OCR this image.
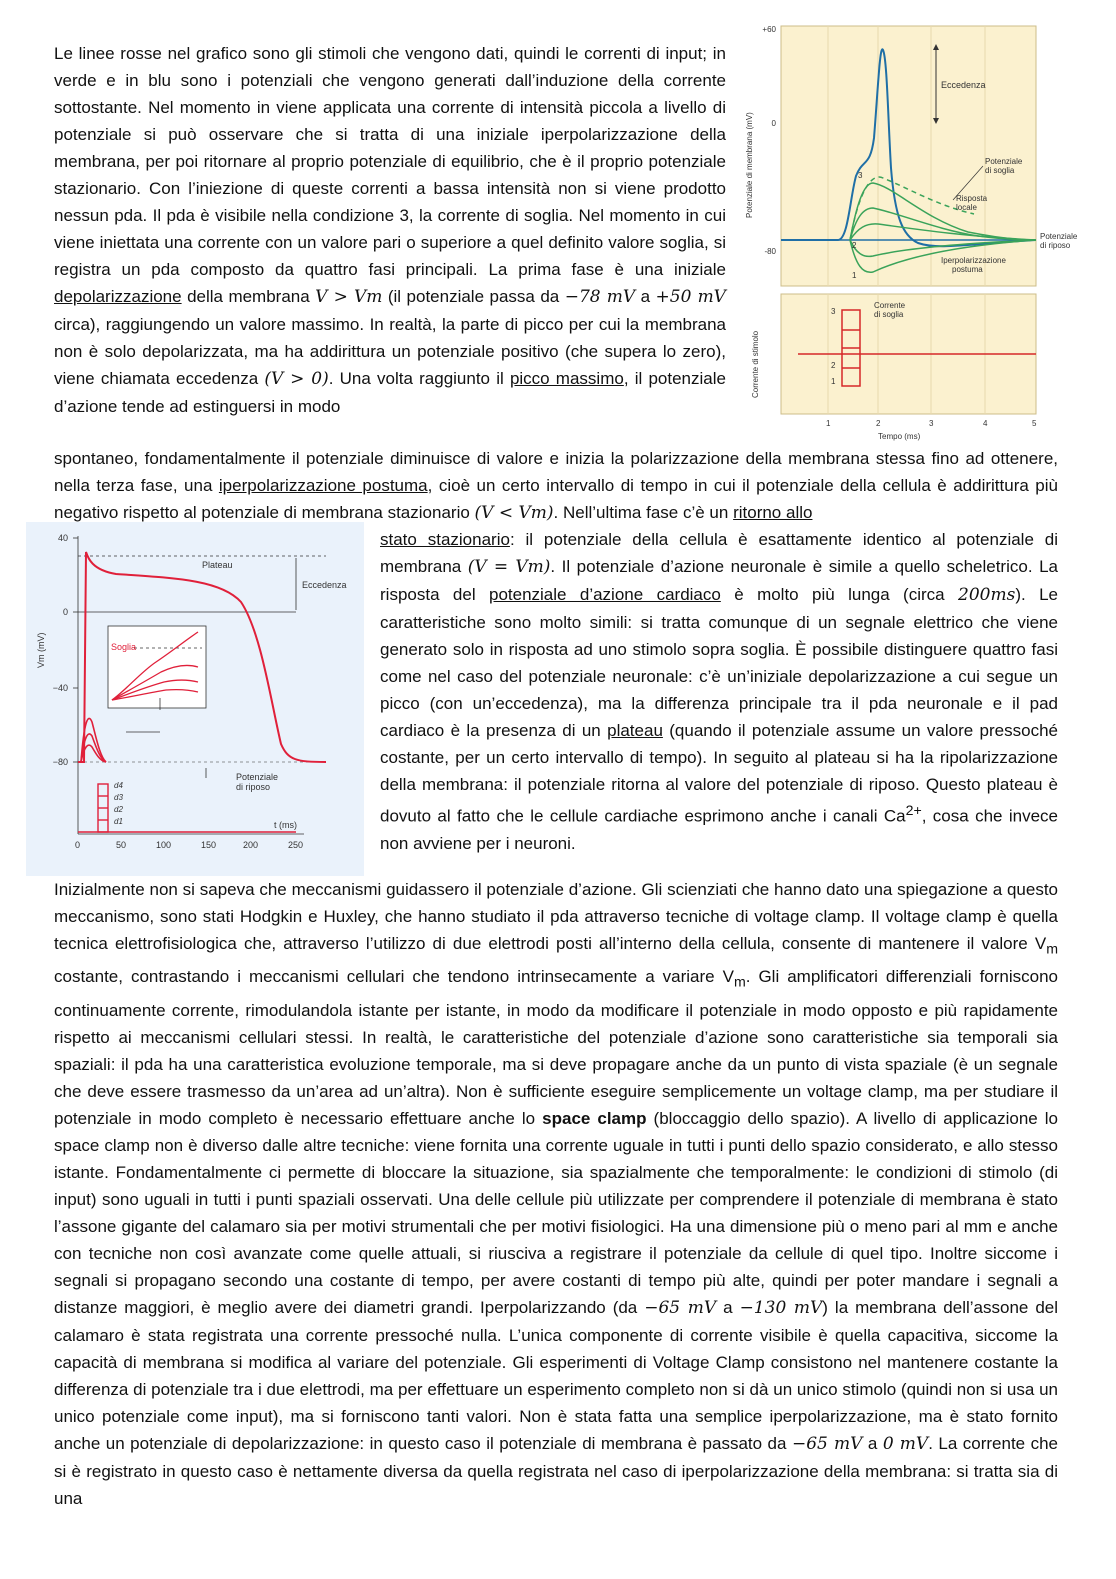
Le linee rosse nel grafico sono gli stimoli che vengono dati, quindi le correnti di input; in verde e in blu sono i potenziali che vengono generati dall’induzione della corrente sottostante. Nel momento in viene applicata una corrente di intensità piccola a livello di potenziale si può osservare che si tratta di una iniziale iperpolarizzazione della membrana, per poi ritornare al proprio potenziale di equilibrio, che è il proprio potenziale stazionario. Con l’iniezione di queste correnti a bassa intensità non si viene prodotto nessun pda. Il pda è visibile nella condizione 3, la corrente di soglia. Nel momento in cui viene iniettata una corrente con un valore pari o superiore a quel definito valore soglia, si registra un pda composto da quattro fasi principali. La prima fase è una iniziale depolarizzazione della membrana V > Vm (il potenziale passa da −78 mV a +50 mV circa), raggiungendo un valore massimo. In realtà, la parte di picco per cui la membrana non è solo depolarizzata, ma ha addirittura un potenziale positivo (che supera lo zero), viene chiamata eccedenza (V > 0). Una volta raggiunto il picco massimo, il potenziale d’azione tende ad estinguersi in modo

spontaneo, fondamentalmente il potenziale diminuisce di valore e inizia la polarizzazione della membrana stessa fino ad ottenere, nella terza fase, una iperpolarizzazione postuma, cioè un certo intervallo di tempo in cui il potenziale della cellula è addirittura più negativo rispetto al potenziale di membrana stazionario (V < Vm). Nell’ultima fase c’è un ritorno allo

stato stazionario: il potenziale della cellula è esattamente identico al potenziale di membrana (V = Vm). Il potenziale d’azione neuronale è simile a quello scheletrico. La risposta del potenziale d’azione cardiaco è molto più lunga (circa 200ms). Le caratteristiche sono molto simili: si tratta comunque di un segnale elettrico che viene generato solo in risposta ad uno stimolo sopra soglia. È possibile distinguere quattro fasi come nel caso del potenziale neuronale: c’è un’iniziale depolarizzazione a cui segue un picco (con un’eccedenza), ma la differenza principale tra il pda neuronale e il pad cardiaco è la presenza di un plateau (quando il potenziale assume un valore pressoché costante, per un certo intervallo di tempo). In seguito al plateau si ha la ripolarizzazione della membrana: il potenziale ritorna al valore del potenziale di riposo. Questo plateau è dovuto al fatto che le cellule cardiache esprimono anche i canali $Ca^{2+}$, cosa che invece non avviene per i neuroni.

Inizialmente non si sapeva che meccanismi guidassero il potenziale d’azione. Gli scienziati che hanno dato una spiegazione a questo meccanismo, sono stati Hodgkin e Huxley, che hanno studiato il pda attraverso tecniche di voltage clamp. Il voltage clamp è quella tecnica elettrofisiologica che, attraverso l’utilizzo di due elettrodi posti all’interno della cellula, consente di mantenere il valore $V_m$ costante, contrastando i meccanismi cellulari che tendono intrinsecamente a variare $V_m$. Gli amplificatori differenziali forniscono continuamente corrente, rimodulandola istante per istante, in modo da modificare il potenziale in modo opposto e più rapidamente rispetto ai meccanismi cellulari stessi. In realtà, le caratteristiche del potenziale d’azione sono caratteristiche sia temporali sia spaziali: il pda ha una caratteristica evoluzione temporale, ma si deve propagare anche da un punto di vista spaziale (è un segnale che deve essere trasmesso da un’area ad un’altra). Non è sufficiente eseguire semplicemente un voltage clamp, ma per studiare il potenziale in modo completo è necessario effettuare anche lo space clamp (bloccaggio dello spazio). A livello di applicazione lo space clamp non è diverso dalle altre tecniche: viene fornita una corrente uguale in tutti i punti dello spazio considerato, e allo stesso istante. Fondamentalmente ci permette di bloccare la situazione, sia spazialmente che temporalmente: le condizioni di stimolo (di input) sono uguali in tutti i punti spaziali osservati. Una delle cellule più utilizzate per comprendere il potenziale di membrana è stato l’assone gigante del calamaro sia per motivi strumentali che per motivi fisiologici. Ha una dimensione più o meno pari al mm e anche con tecniche non così avanzate come quelle attuali, si riusciva a registrare il potenziale da cellule di quel tipo. Inoltre siccome i segnali si propagano secondo una costante di tempo, per avere costanti di tempo più alte, quindi per poter mandare i segnali a distanze maggiori, è meglio avere dei diametri grandi. Iperpolarizzando (da −65 mV a −130 mV) la membrana dell’assone del calamaro è stata registrata una corrente pressoché nulla. L’unica componente di corrente visibile è quella capacitiva, siccome la capacità di membrana si modifica al variare del potenziale. Gli esperimenti di Voltage Clamp consistono nel mantenere costante la differenza di potenziale tra i due elettrodi, ma per effettuare un esperimento completo non si dà un unico stimolo (quindi non si usa un unico potenziale come input), ma si forniscono tanti valori. Non è stata fatta una semplice iperpolarizzazione, ma è stato fornito anche un potenziale di depolarizzazione: in questo caso il potenziale di membrana è passato da −65 mV a 0 mV. La corrente che si è registrato in questo caso è nettamente diversa da quella registrata nel caso di iperpolarizzazione della membrana: si tratta sia di una

+60
0
-80
Potenziale di membrana (mV)
Corrente di stimolo
Eccedenza
Potenziale
di soglia
Risposta
locale
Potenziale
di riposo
Iperpolarizzazione
postuma
3
2
1
3
2
1
Corrente
di soglia
1	2	3	4	5
Tempo (ms)
40
0
−40
−80
Vm (mV)	Soglia
Plateau
Eccedenza
Potenziale
di riposo
d4
d3
d2
d1	t (ms)
0	50	100	150	200	250
